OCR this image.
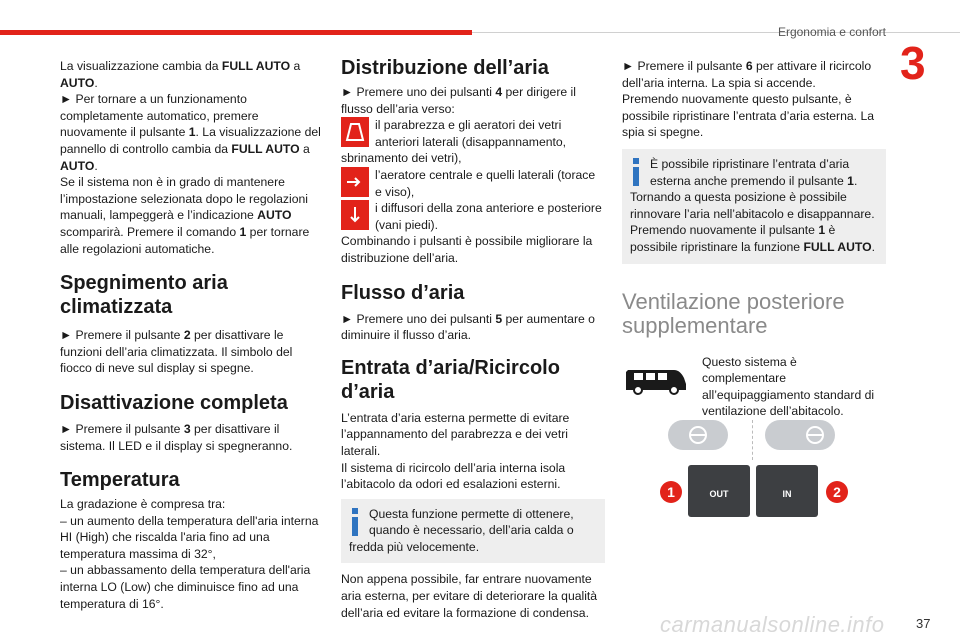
Ergonomia e confort
3

La visualizzazione cambia da FULL AUTO a AUTO.

► Per tornare a un funzionamento completamente automatico, premere nuovamente il pulsante 1. La visualizzazione del pannello di controllo cambia da FULL AUTO a AUTO.

Se il sistema non è in grado di mantenere l’impostazione selezionata dopo le regolazioni manuali, lampeggerà e l’indicazione AUTO scomparirà. Premere il comando 1 per tornare alle regolazioni automatiche.

Spegnimento aria climatizzata

► Premere il pulsante 2 per disattivare le funzioni dell’aria climatizzata. Il simbolo del fiocco di neve sul display si spegne.

Disattivazione completa

► Premere il pulsante 3 per disattivare il sistema. Il LED e il display si spegneranno.

Temperatura

La gradazione è compresa tra:

– un aumento della temperatura dell'aria interna HI (High) che riscalda l'aria fino ad una temperatura massima di 32°,

– un abbassamento della temperatura dell'aria interna LO (Low) che diminuisce fino ad una temperatura di 16°.

Distribuzione dell’aria

► Premere uno dei pulsanti 4 per dirigere il flusso dell’aria verso:

il parabrezza e gli aeratori dei vetri anteriori laterali (disappannamento, sbrinamento dei vetri),
l’aeratore centrale e quelli laterali (torace e viso),
i diffusori della zona anteriore e posteriore (vani piedi).

Combinando i pulsanti è possibile migliorare la distribuzione dell’aria.

Flusso d’aria

► Premere uno dei pulsanti 5 per aumentare o diminuire il flusso d’aria.

Entrata d’aria/Ricircolo d’aria

L’entrata d’aria esterna permette di evitare l’appannamento del parabrezza e dei vetri laterali.

Il sistema di ricircolo dell’aria interna isola l’abitacolo da odori ed esalazioni esterni.

Questa funzione permette di ottenere, quando è necessario, dell’aria calda o fredda più velocemente.

Non appena possibile, far entrare nuovamente aria esterna, per evitare di deteriorare la qualità dell’aria ed evitare la formazione di condensa.

► Premere il pulsante 6 per attivare il ricircolo dell’aria interna. La spia si accende.

Premendo nuovamente questo pulsante, è possibile ripristinare l’entrata d’aria esterna. La spia si spegne.

È possibile ripristinare l’entrata d’aria esterna anche premendo il pulsante 1.
Tornando a questa posizione è possibile rinnovare l’aria nell’abitacolo e disappannare.
Premendo nuovamente il pulsante 1 è possibile ripristinare la funzione FULL AUTO.
Ventilazione posteriore supplementare
Questo sistema è complementare all’equipaggiamento standard di ventilazione dell’abitacolo.
OUT	IN
1	2
carmanualsonline.info 37
